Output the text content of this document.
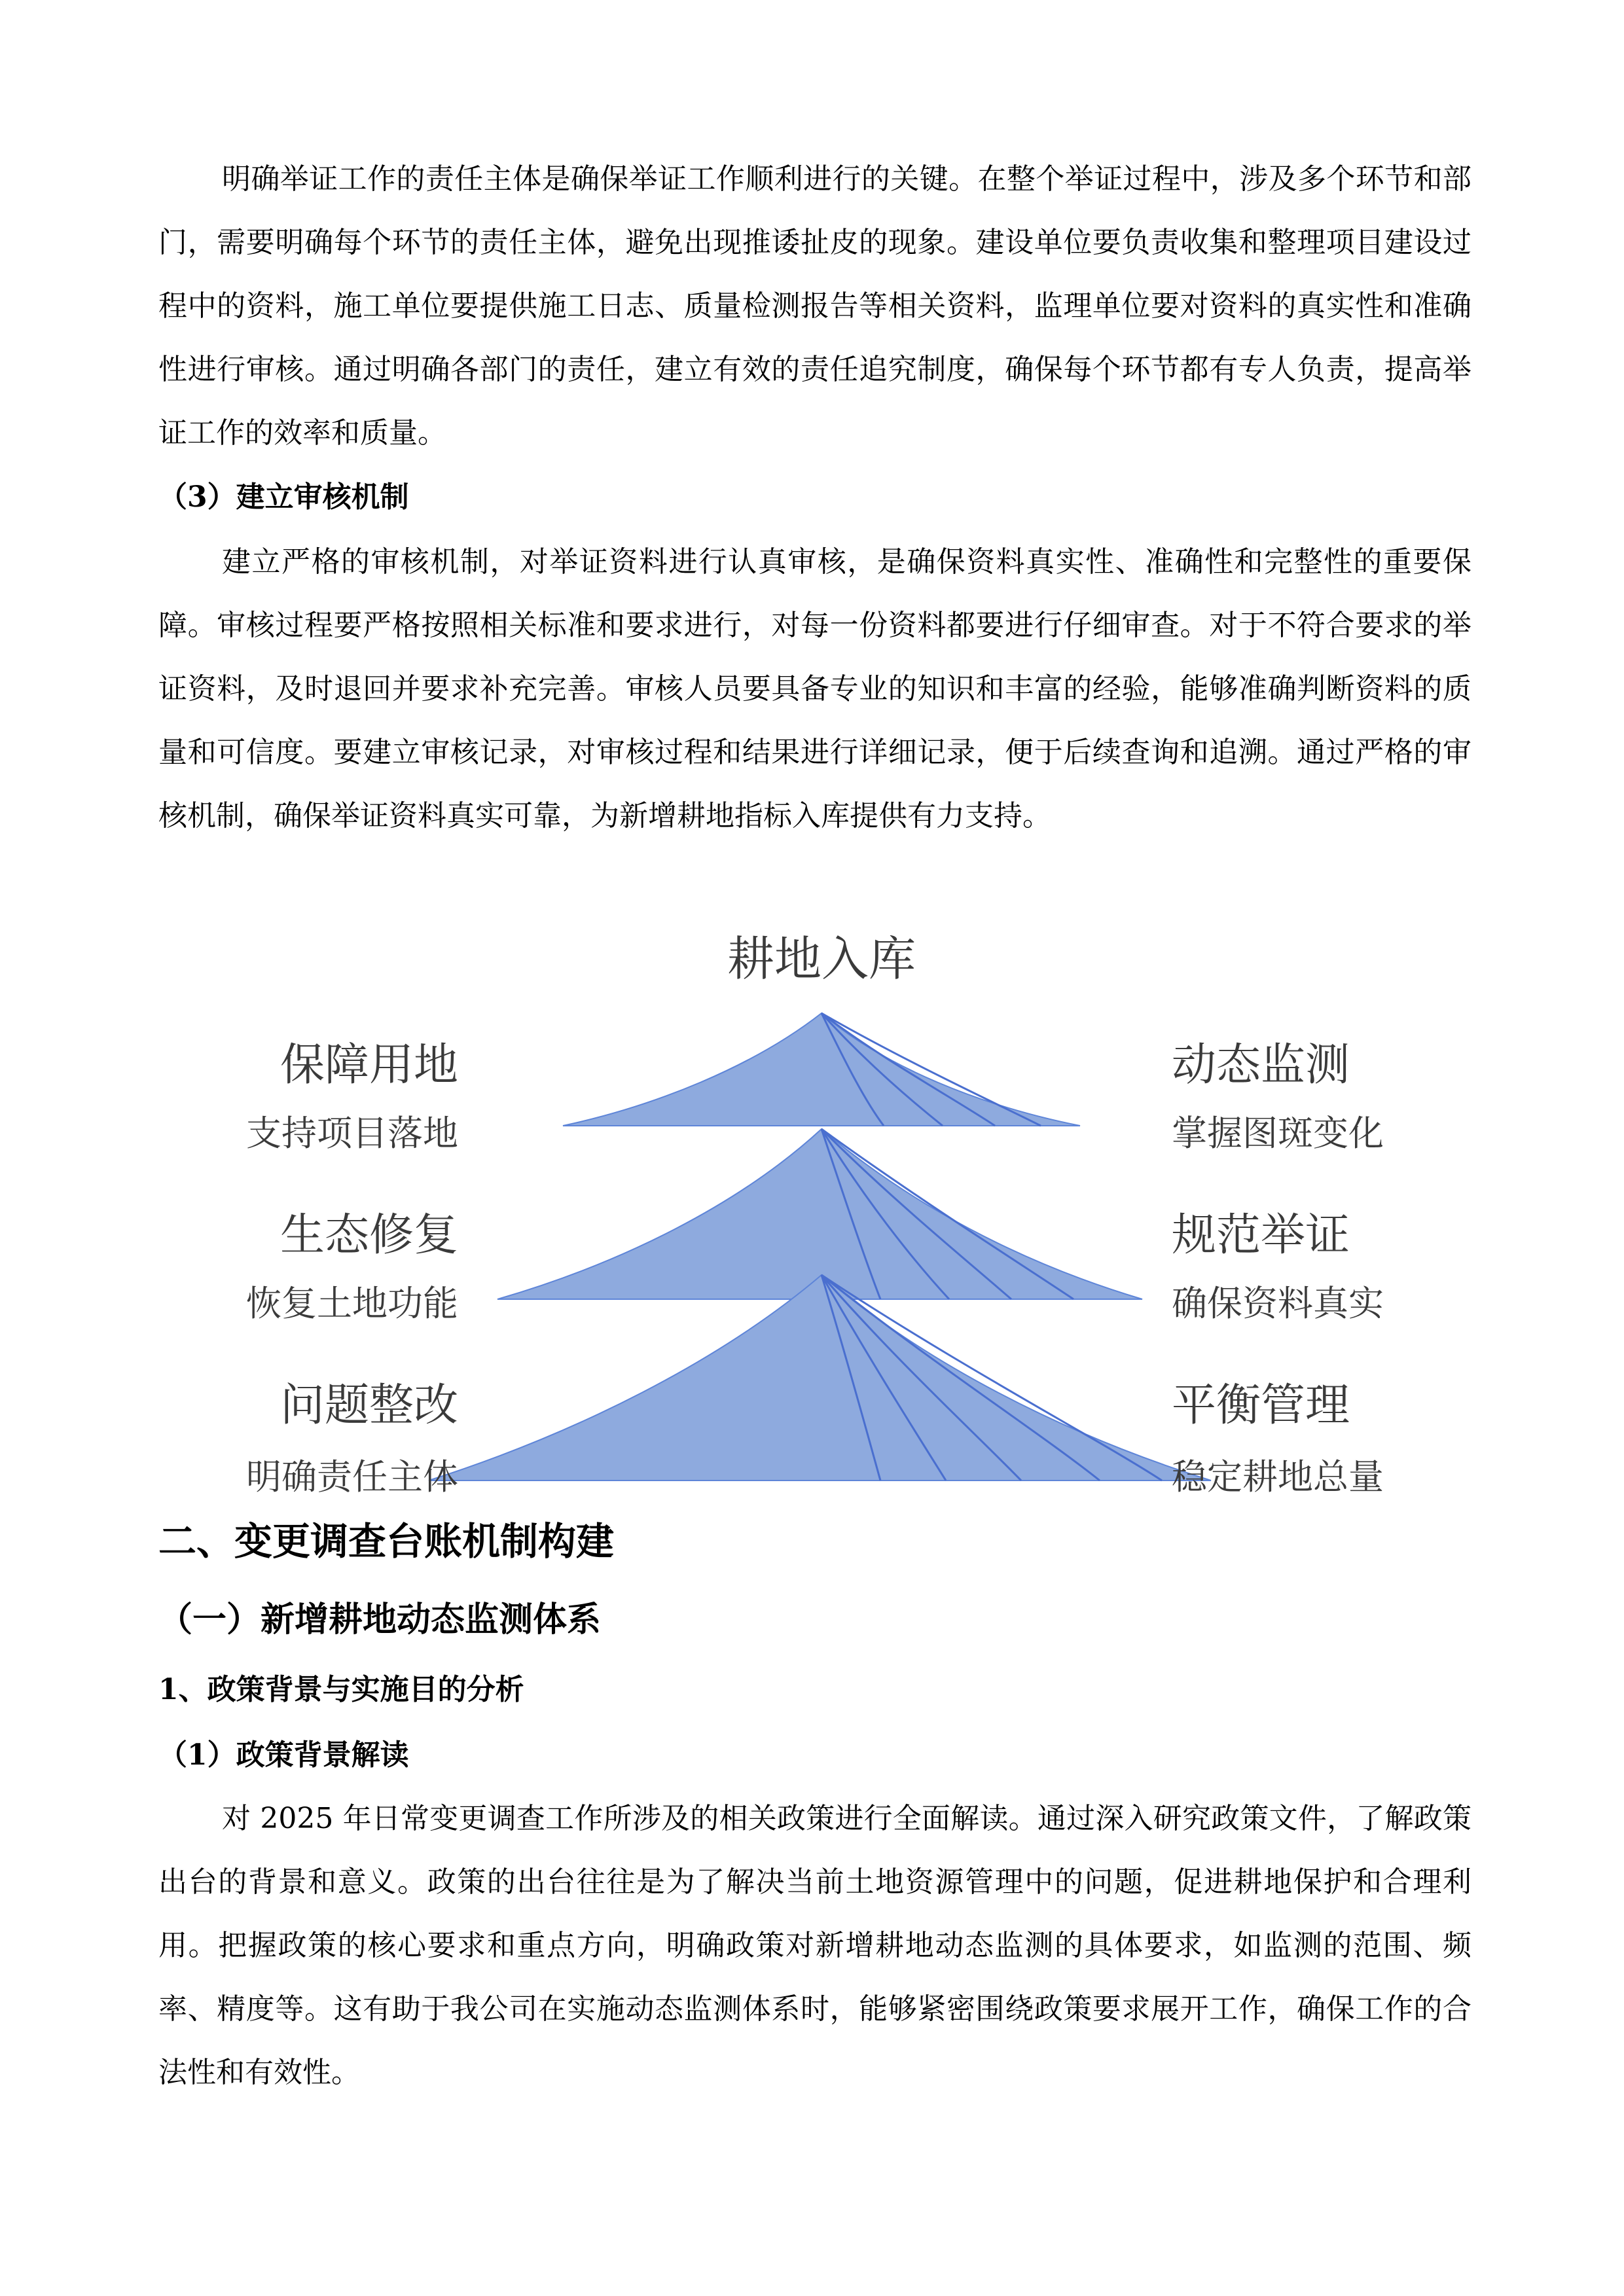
明确举证工作的责任主体是确保举证工作顺利进行的关键。在整个举证过程中，涉及多个环节和部门，需要明确每个环节的责任主体，避免出现推诿扯皮的现象。建设单位要负责收集和整理项目建设过程中的资料，施工单位要提供施工日志、质量检测报告等相关资料，监理单位要对资料的真实性和准确性进行审核。通过明确各部门的责任，建立有效的责任追究制度，确保每个环节都有专人负责，提高举证工作的效率和质量。

（3）建立审核机制

建立严格的审核机制，对举证资料进行认真审核，是确保资料真实性、准确性和完整性的重要保障。审核过程要严格按照相关标准和要求进行，对每一份资料都要进行仔细审查。对于不符合要求的举证资料，及时退回并要求补充完善。审核人员要具备专业的知识和丰富的经验，能够准确判断资料的质量和可信度。要建立审核记录，对审核过程和结果进行详细记录，便于后续查询和追溯。通过严格的审核机制，确保举证资料真实可靠，为新增耕地指标入库提供有力支持。

耕地入库
保障用地
支持项目落地
生态修复
恢复土地功能
问题整改
明确责任主体
动态监测
掌握图斑变化
规范举证
确保资料真实
平衡管理
稳定耕地总量

二、变更调查台账机制构建

（一）新增耕地动态监测体系

1、政策背景与实施目的分析

（1）政策背景解读

对 2025 年日常变更调查工作所涉及的相关政策进行全面解读。通过深入研究政策文件，了解政策出台的背景和意义。政策的出台往往是为了解决当前土地资源管理中的问题，促进耕地保护和合理利用。把握政策的核心要求和重点方向，明确政策对新增耕地动态监测的具体要求，如监测的范围、频率、精度等。这有助于我公司在实施动态监测体系时，能够紧密围绕政策要求展开工作，确保工作的合法性和有效性。
